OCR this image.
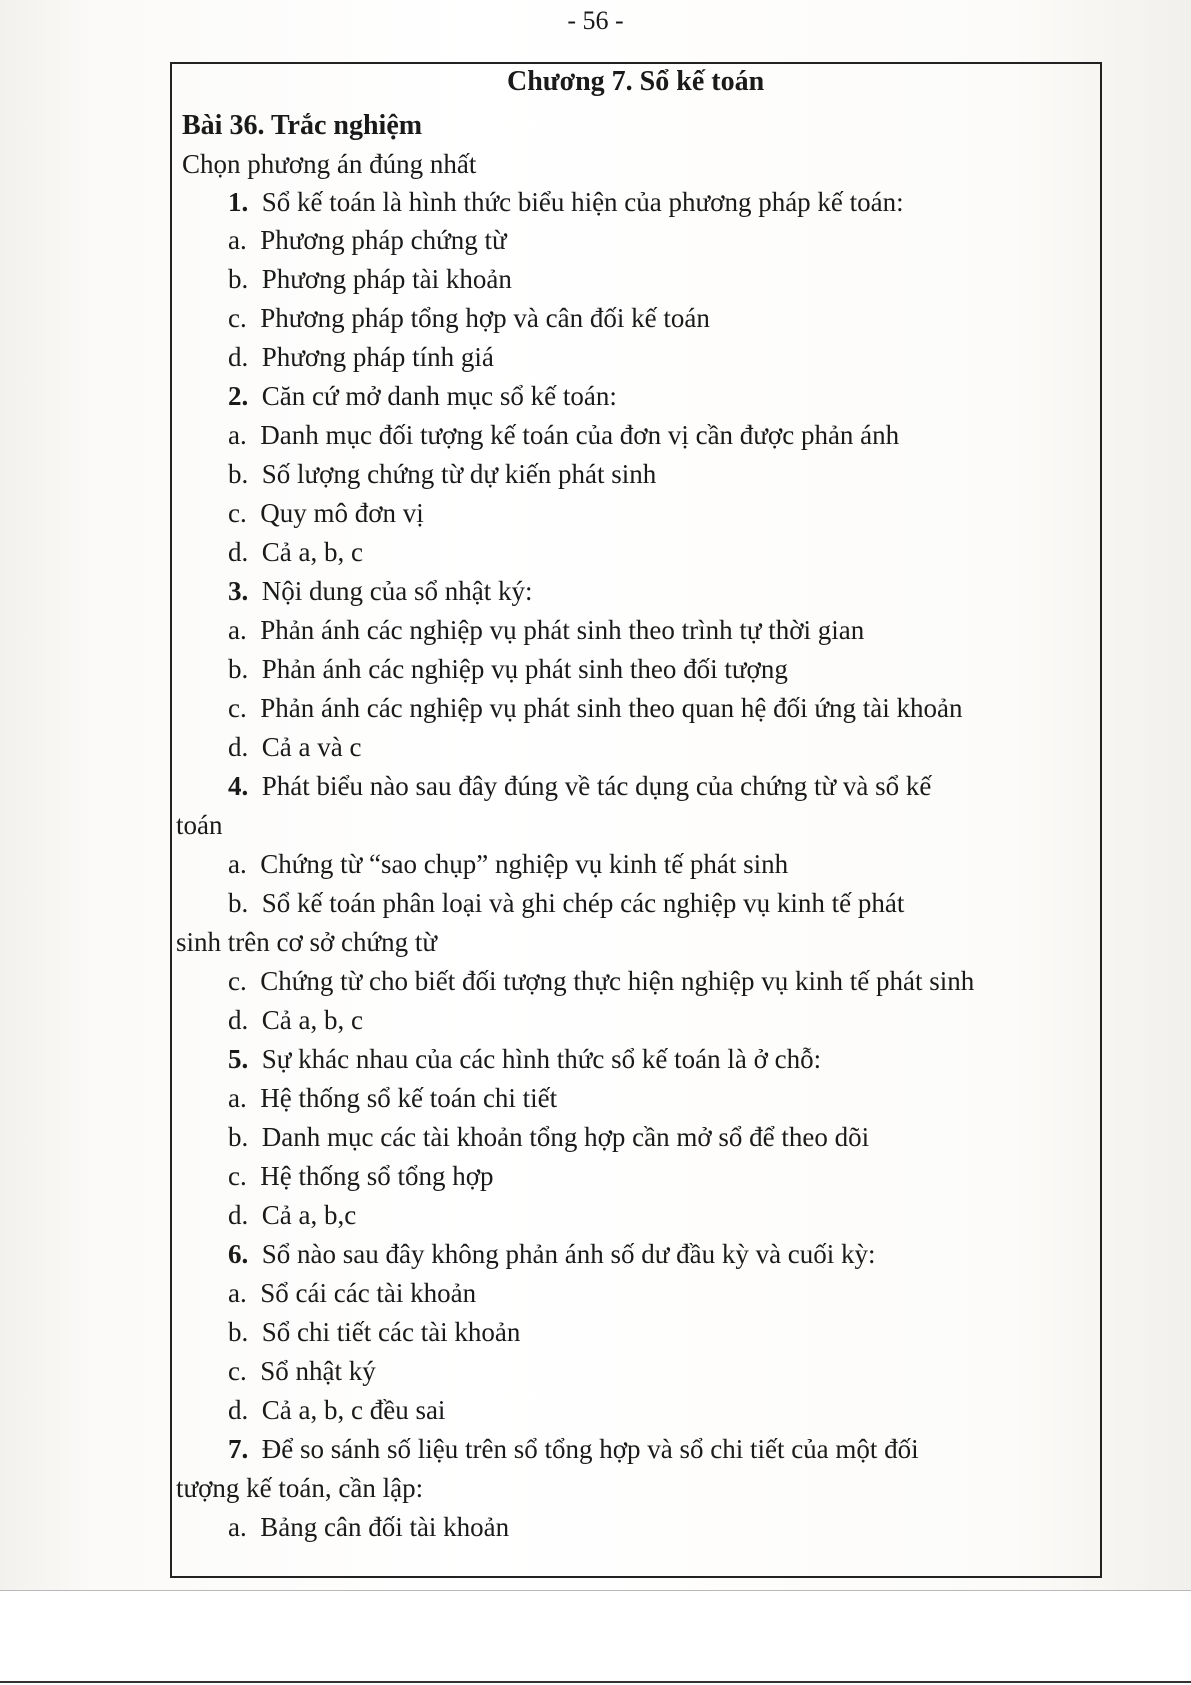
- 56 -
Chương 7. Sổ kế toán
Bài 36. Trắc nghiệm
Chọn phương án đúng nhất
1. Sổ kế toán là hình thức biểu hiện của phương pháp kế toán:
a. Phương pháp chứng từ
b. Phương pháp tài khoản
c. Phương pháp tổng hợp và cân đối kế toán
d. Phương pháp tính giá
2. Căn cứ mở danh mục sổ kế toán:
a. Danh mục đối tượng kế toán của đơn vị cần được phản ánh
b. Số lượng chứng từ dự kiến phát sinh
c. Quy mô đơn vị
d. Cả a, b, c
3. Nội dung của sổ nhật ký:
a. Phản ánh các nghiệp vụ phát sinh theo trình tự thời gian
b. Phản ánh các nghiệp vụ phát sinh theo đối tượng
c. Phản ánh các nghiệp vụ phát sinh theo quan hệ đối ứng tài khoản
d. Cả a và c
4. Phát biểu nào sau đây đúng về tác dụng của chứng từ và sổ kế
toán
a. Chứng từ “sao chụp” nghiệp vụ kinh tế phát sinh
b. Sổ kế toán phân loại và ghi chép các nghiệp vụ kinh tế phát
sinh trên cơ sở chứng từ
c. Chứng từ cho biết đối tượng thực hiện nghiệp vụ kinh tế phát sinh
d. Cả a, b, c
5. Sự khác nhau của các hình thức sổ kế toán là ở chỗ:
a. Hệ thống sổ kế toán chi tiết
b. Danh mục các tài khoản tổng hợp cần mở sổ để theo dõi
c. Hệ thống sổ tổng hợp
d. Cả a, b,c
6. Sổ nào sau đây không phản ánh số dư đầu kỳ và cuối kỳ:
a. Sổ cái các tài khoản
b. Sổ chi tiết các tài khoản
c. Sổ nhật ký
d. Cả a, b, c đều sai
7. Để so sánh số liệu trên sổ tổng hợp và sổ chi tiết của một đối
tượng kế toán, cần lập:
a. Bảng cân đối tài khoản
